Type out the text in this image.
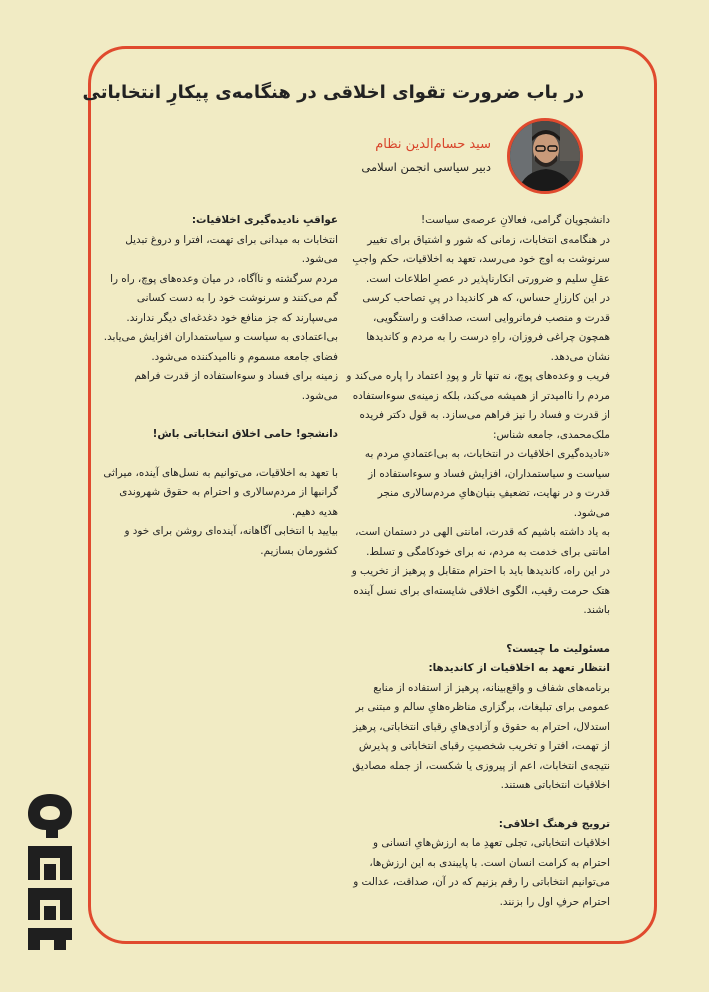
در باب ضرورت تقوای اخلاقی در هنگامه‌ی پیکارِ انتخاباتی
سید حسام‌الدین نظام
دبیر سیاسی انجمن اسلامی

دانشجویان گرامی، فعالانِ عرصه‌ی سیاست!

در هنگامه‌ی انتخابات، زمانی که شور و اشتیاق برای تغییر سرنوشت به اوج خود می‌رسد، تعهد به اخلاقیات، حکم واجبِ عقلِ سلیم و ضرورتی انکارناپذیر در عصرِ اطلاعات است.

در این کارزارِ حساس، که هر کاندیدا در پیِ تصاحب کرسی قدرت و منصب فرمانروایی است، صداقت و راستگویی، همچون چراغی فروزان، راهِ درست را به مردم و کاندیدها نشان می‌دهد.

فریب و وعده‌های پوچ، نه تنها تار و پودِ اعتماد را پاره می‌کند و مردم را ناامیدتر از همیشه می‌کند، بلکه زمینه‌ی سوءاستفاده از قدرت و فساد را نیز فراهم می‌سازد. به قول دکتر فریده ملک‌محمدی، جامعه شناس:

«نادیده‌گیری اخلاقیات در انتخابات، به بی‌اعتمادیِ مردم به سیاست و سیاستمداران، افزایش فساد و سوءاستفاده از قدرت و در نهایت، تضعیفِ بنیان‌هایِ مردم‌سالاری منجر می‌شود.

به یاد داشته باشیم که قدرت، امانتی الهی در دستمان است، امانتی برای خدمت به مردم، نه برای خودکامگی و تسلط.

در این راه، کاندیدها باید با احترام متقابل و پرهیز از تخریب و هتک حرمت رقیب، الگوی اخلاقی شایسته‌ای برای نسل آینده باشند.

مسئولیت ما چیست؟

انتظار تعهد به اخلاقیات از کاندیدها:

برنامه‌های شفاف و واقع‌بینانه، پرهیز از استفاده از منابع عمومی برای تبلیغات، برگزاری مناظره‌هایِ سالم و مبتنی بر استدلال، احترام به حقوق و آزادی‌هایِ رقبای انتخاباتی، پرهیز از تهمت، افترا و تخریب شخصیتِ رقبای انتخاباتی و پذیرش نتیجه‌ی انتخابات، اعم از پیروزی یا شکست، از جمله مصادیق اخلاقیات انتخاباتی هستند.

ترویج فرهنگ اخلاقی:

اخلاقیات انتخاباتی، تجلی تعهدِ ما به ارزش‌هایِ انسانی و احترام به کرامت انسان است. با پایبندی به این ارزش‌ها، می‌توانیم انتخاباتی را رقم بزنیم که در آن، صداقت، عدالت و احترام حرفِ اول را بزنند.

عواقبِ نادیده‌گیری اخلاقیات:

انتخابات به میدانی برای تهمت، افترا و دروغ تبدیل می‌شود.

مردم سرگشته و ناآگاه، در میان وعده‌های پوچ، راه را گم می‌کنند و سرنوشت خود را به دست کسانی می‌سپارند که جز منافع خود دغدغه‌ای دیگر ندارند.

بی‌اعتمادی به سیاست و سیاستمداران افزایش می‌یابد.

فضای جامعه مسموم و ناامیدکننده می‌شود.

زمینه برای فساد و سوءاستفاده از قدرت فراهم می‌شود.

دانشجو! حامی اخلاق انتخاباتی باش!

با تعهد به اخلاقیات، می‌توانیم به نسل‌های آینده، میراثی گرانبها از مردم‌سالاری و احترام به حقوق شهروندی هدیه دهیم.

بیایید با انتخابی آگاهانه، آینده‌ای روشن برای خود و کشورمان بسازیم.
